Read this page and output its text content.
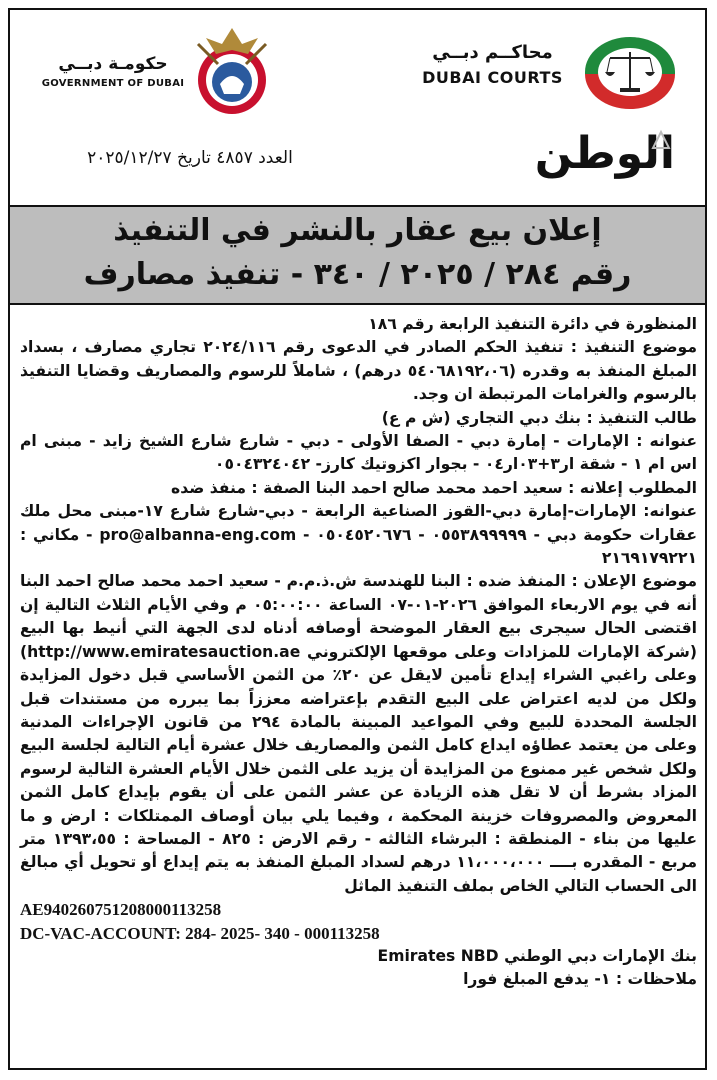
حكومـة دبــي
GOVERNMENT OF DUBAI
محاكــم دبــي
DUBAI COURTS
العدد ٤٨٥٧ تاريخ ٢٠٢٥/١٢/٢٧	الوطن
إعلان بيع عقار بالنشر في التنفيذ
رقم ٢٨٤ / ٢٠٢٥ / ٣٤٠ - تنفيذ مصارف

المنظورة في دائرة التنفيذ الرابعة رقم ١٨٦

موضوع التنفيذ : تنفيذ الحكم الصادر في الدعوى رقم ٢٠٢٤/١١٦ تجاري مصارف ، بسداد المبلغ المنفذ به وقدره (٥٤٠٦٨١٩٢،٠٦ درهم) ، شاملاً للرسوم والمصاريف وقضايا التنفيذ بالرسوم والغرامات المرتبطة ان وجد.

طالب التنفيذ : بنك دبي التجاري (ش م ع)

عنوانه : الإمارات - إمارة دبي - الصفا الأولى - دبي - شارع شارع الشيخ زايد - مبنى ام اس ام ١ - شقة ار٣+٠٣ار٠٤ - بجوار اكزوتيك كارز- ٠٥٠٤٣٢٤٠٤٢

المطلوب إعلانه : سعيد احمد محمد صالح احمد البنا الصفة : منفذ ضده

عنوانه: الإمارات-إمارة دبي-القوز الصناعية الرابعة - دبي-شارع شارع ١٧-مبنى محل ملك عقارات حكومة دبي - ٠٥٥٣٨٩٩٩٩٩ - ٠٥٠٤٥٢٠٦٧٦ - pro@albanna-eng.com - مكاني : ٢١٦٩١٧٩٢٢١

موضوع الإعلان : المنفذ ضده : البنا للهندسة ش.ذ.م.م - سعيد احمد محمد صالح احمد البنا أنه في يوم الاربعاء الموافق ٢٠٢٦-٠١-٠٧ الساعة ٠٥:٠٠:٠٠ م وفي الأيام الثلاث التالية إن اقتضى الحال سيجرى بيع العقار الموضحة أوصافه أدناه لدى الجهة التي أنيط بها البيع (شركة الإمارات للمزادات وعلى موقعها الإلكتروني http://www.emiratesauction.ae) وعلى راغبي الشراء إيداع تأمين لايقل عن ٢٠٪ من الثمن الأساسي قبل دخول المزايدة ولكل من لديه اعتراض على البيع التقدم بإعتراضه معززاً بما يبرره من مستندات قبل الجلسة المحددة للبيع وفي المواعيد المبينة بالمادة ٢٩٤ من قانون الإجراءات المدنية وعلى من يعتمد عطاؤه ايداع كامل الثمن والمصاريف خلال عشرة أيام التالية لجلسة البيع ولكل شخص غير ممنوع من المزايدة أن يزيد على الثمن خلال الأيام العشرة التالية لرسوم المزاد بشرط أن لا تقل هذه الزيادة عن عشر الثمن على أن يقوم بإيداع كامل الثمن المعروض والمصروفات خزينة المحكمة ، وفيما يلي بيان أوصاف الممتلكات : ارض و ما عليها من بناء - المنطقة : البرشاء الثالثه - رقم الارض : ٨٢٥ - المساحة : ١٣٩٣،٥٥ متر مربع - المقدره بــــ ١١،٠٠٠،٠٠٠ درهم لسداد المبلغ المنفذ به يتم إيداع أو تحويل أي مبالغ الى الحساب التالي الخاص بملف التنفيذ الماثل

AE940260751208000113258

DC-VAC-ACCOUNT: 284- 2025- 340 - 000113258

بنك الإمارات دبي الوطني Emirates NBD

ملاحظات : ١- يدفع المبلغ فورا
